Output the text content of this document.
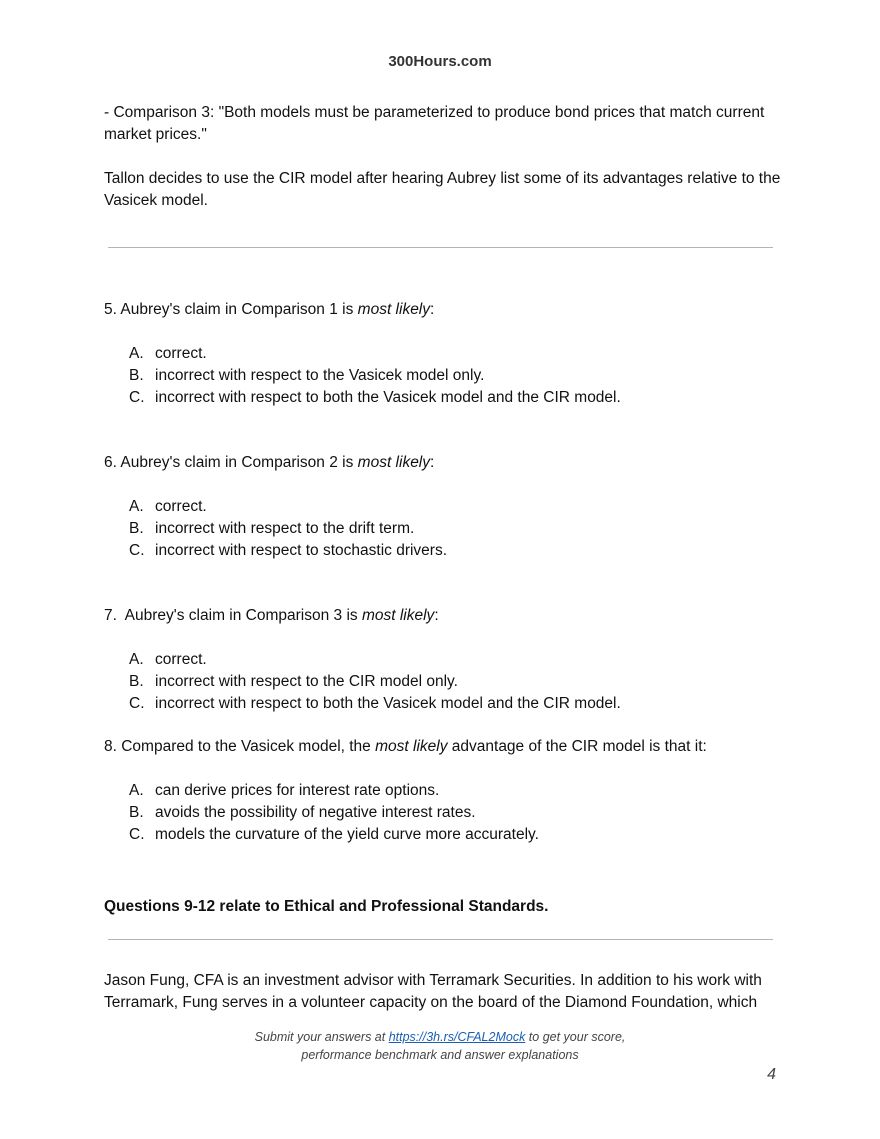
300Hours.com

- Comparison 3: "Both models must be parameterized to produce bond prices that match current market prices."

Tallon decides to use the CIR model after hearing Aubrey list some of its advantages relative to the Vasicek model.

5. Aubrey's claim in Comparison 1 is most likely:
A. correct.
B. incorrect with respect to the Vasicek model only.
C. incorrect with respect to both the Vasicek model and the CIR model.
6. Aubrey's claim in Comparison 2 is most likely:
A. correct.
B. incorrect with respect to the drift term.
C. incorrect with respect to stochastic drivers.
7.  Aubrey's claim in Comparison 3 is most likely:
A. correct.
B. incorrect with respect to the CIR model only.
C. incorrect with respect to both the Vasicek model and the CIR model.
8. Compared to the Vasicek model, the most likely advantage of the CIR model is that it:
A. can derive prices for interest rate options.
B. avoids the possibility of negative interest rates.
C. models the curvature of the yield curve more accurately.
Questions 9-12 relate to Ethical and Professional Standards.

Jason Fung, CFA is an investment advisor with Terramark Securities. In addition to his work with Terramark, Fung serves in a volunteer capacity on the board of the Diamond Foundation, which

Submit your answers at https://3h.rs/CFAL2Mock to get your score,
performance benchmark and answer explanations
4
